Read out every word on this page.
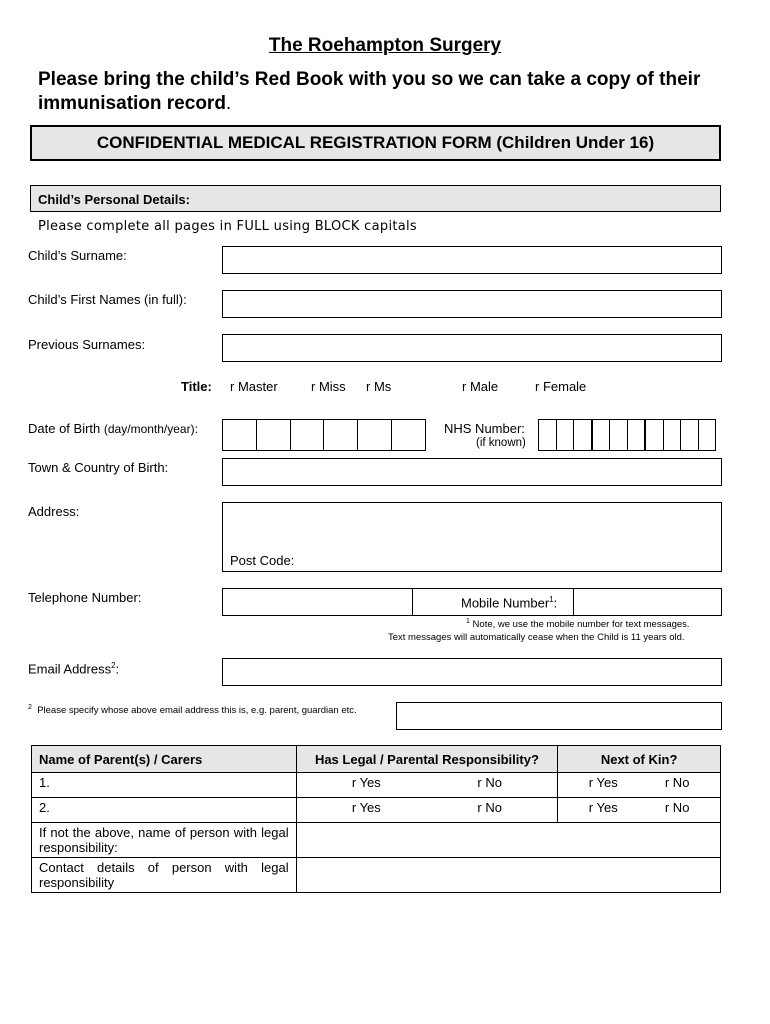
The Roehampton Surgery
Please bring the child’s Red Book with you so we can take a copy of their immunisation record.
CONFIDENTIAL MEDICAL REGISTRATION FORM (Children Under 16)
Child’s Personal Details:
Please complete all pages in FULL using BLOCK capitals
Child’s Surname:
Child’s First Names (in full):
Previous Surnames:
Title: r Master	r Miss r Ms	r Male	r Female
Date of Birth (day/month/year):	NHS Number:
(if known)
Town & Country of Birth:
Address:
Post Code:
Telephone Number:	Mobile Number$^1$:
$^1$ Note, we use the mobile number for text messages.
Text messages will automatically cease when the Child is 11 years old.
Email Address$^2$:
$^2$ Please specify whose above email address this is, e.g. parent, guardian etc.
Name of Parent(s) / Carers	Has Legal / Parental Responsibility?	Next of Kin?
1.	r Yes r No	r Yes r No

2.	r Yes r No	r Yes r No

If not the above, name of person with legal responsibility:		

Contact details of person with legal responsibility		
